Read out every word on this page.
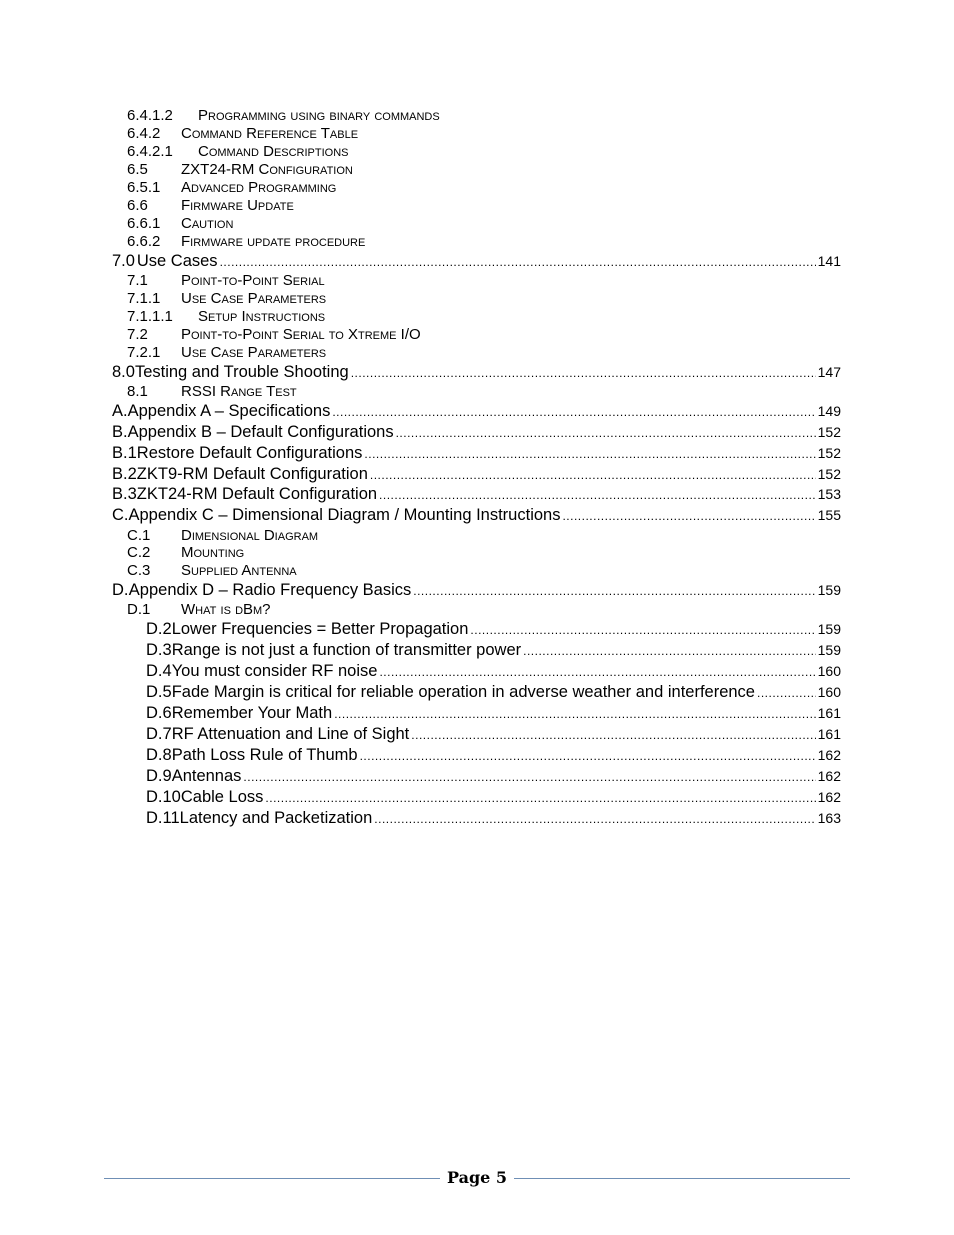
6.4.1.2	Programming using binary commands
6.4.2	Command Reference Table
6.4.2.1	Command Descriptions
6.5	ZXT24-RM Configuration
6.5.1	Advanced Programming
6.6	Firmware Update
6.6.1	Caution
6.6.2	Firmware update procedure
7.0 Use Cases .....	141
7.1	Point-to-Point Serial
7.1.1	Use Case Parameters
7.1.1.1	Setup Instructions
7.2	Point-to-Point Serial to Xtreme I/O
7.2.1	Use Case Parameters
8.0 Testing and Trouble Shooting .....	147
8.1	RSSI Range Test
A. Appendix A – Specifications .....	149
B. Appendix B – Default Configurations .....	152
B.1 Restore Default Configurations .....	152
B.2 ZKT9-RM Default Configuration .....	152
B.3 ZKT24-RM Default Configuration .....	153
C. Appendix C – Dimensional Diagram / Mounting Instructions .....	155
C.1	Dimensional Diagram
C.2	Mounting
C.3	Supplied Antenna
D. Appendix D – Radio Frequency Basics .....	159
D.1	What is dBm?
D.2 Lower Frequencies = Better Propagation .....	159
D.3 Range is not just a function of transmitter power .....	159
D.4 You must consider RF noise .....	160
D.5 Fade Margin is critical for reliable operation in adverse weather and interference .....	160
D.6 Remember Your Math .....	161
D.7 RF Attenuation and Line of Sight .....	161
D.8 Path Loss Rule of Thumb .....	162
D.9 Antennas .....	162
D.10 Cable Loss .....	162
D.11 Latency and Packetization .....	163
Page 5
